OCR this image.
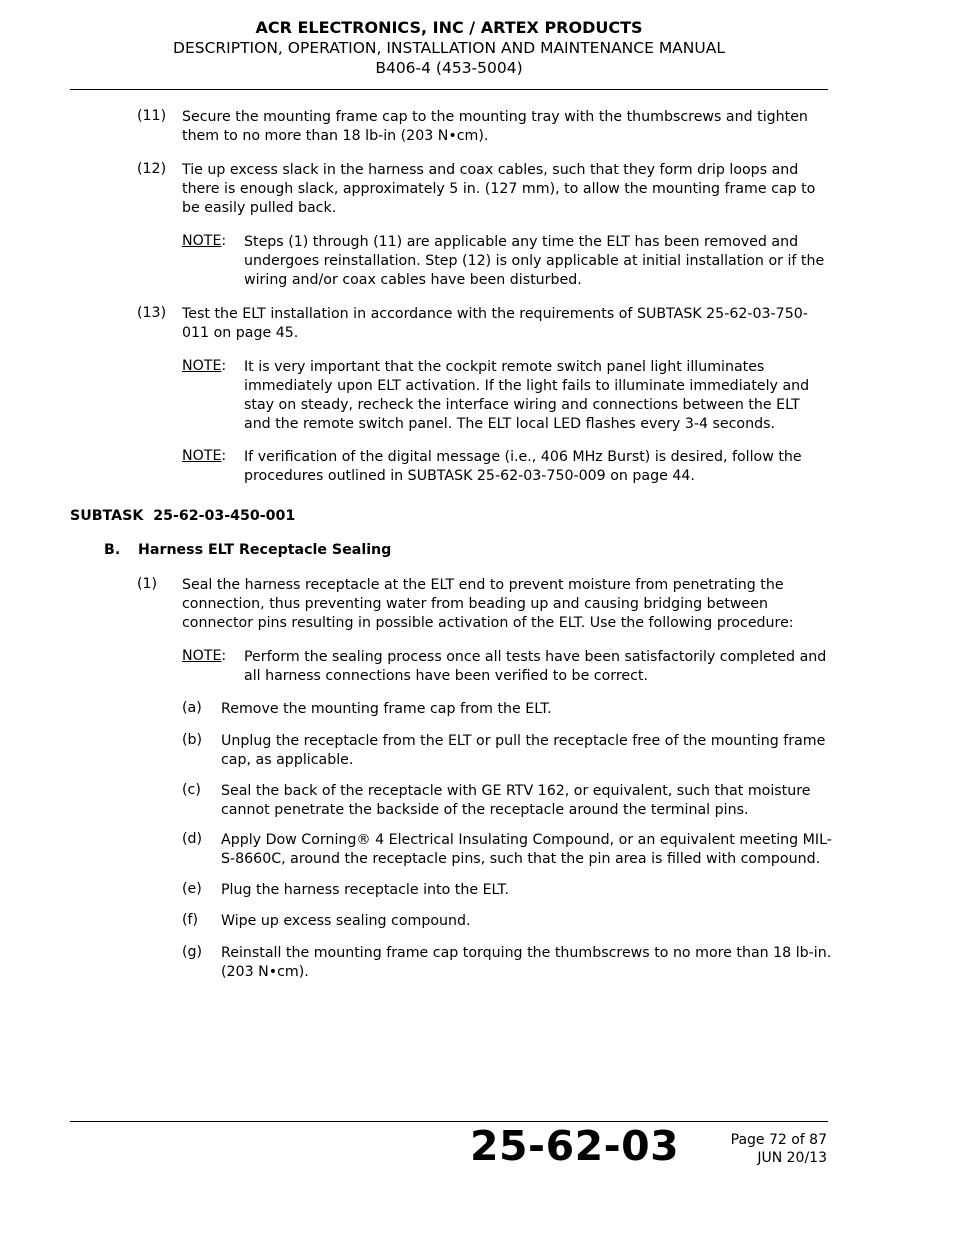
ACR ELECTRONICS, INC / ARTEX PRODUCTS
DESCRIPTION, OPERATION, INSTALLATION AND MAINTENANCE MANUAL
B406-4 (453-5004)
(11) Secure the mounting frame cap to the mounting tray with the thumbscrews and tighten them to no more than 18 lb-in (203 N•cm).
(12) Tie up excess slack in the harness and coax cables, such that they form drip loops and there is enough slack, approximately 5 in. (127 mm), to allow the mounting frame cap to be easily pulled back.
NOTE: Steps (1) through (11) are applicable any time the ELT has been removed and undergoes reinstallation. Step (12) is only applicable at initial installation or if the wiring and/or coax cables have been disturbed.
(13) Test the ELT installation in accordance with the requirements of SUBTASK 25-62-03-750-011 on page 45.
NOTE: It is very important that the cockpit remote switch panel light illuminates immediately upon ELT activation. If the light fails to illuminate immediately and stay on steady, recheck the interface wiring and connections between the ELT and the remote switch panel. The ELT local LED flashes every 3-4 seconds.
NOTE: If verification of the digital message (i.e., 406 MHz Burst) is desired, follow the procedures outlined in SUBTASK 25-62-03-750-009 on page 44.
SUBTASK  25-62-03-450-001
B. Harness ELT Receptacle Sealing
(1) Seal the harness receptacle at the ELT end to prevent moisture from penetrating the connection, thus preventing water from beading up and causing bridging between connector pins resulting in possible activation of the ELT. Use the following procedure:
NOTE: Perform the sealing process once all tests have been satisfactorily completed and all harness connections have been verified to be correct.
(a) Remove the mounting frame cap from the ELT.
(b) Unplug the receptacle from the ELT or pull the receptacle free of the mounting frame cap, as applicable.
(c) Seal the back of the receptacle with GE RTV 162, or equivalent, such that moisture cannot penetrate the backside of the receptacle around the terminal pins.
(d) Apply Dow Corning® 4 Electrical Insulating Compound, or an equivalent meeting MIL-S-8660C, around the receptacle pins, such that the pin area is filled with compound.
(e) Plug the harness receptacle into the ELT.
(f) Wipe up excess sealing compound.
(g) Reinstall the mounting frame cap torquing the thumbscrews to no more than 18 lb-in. (203 N•cm).
25-62-03	Page 72 of 87
JUN 20/13
